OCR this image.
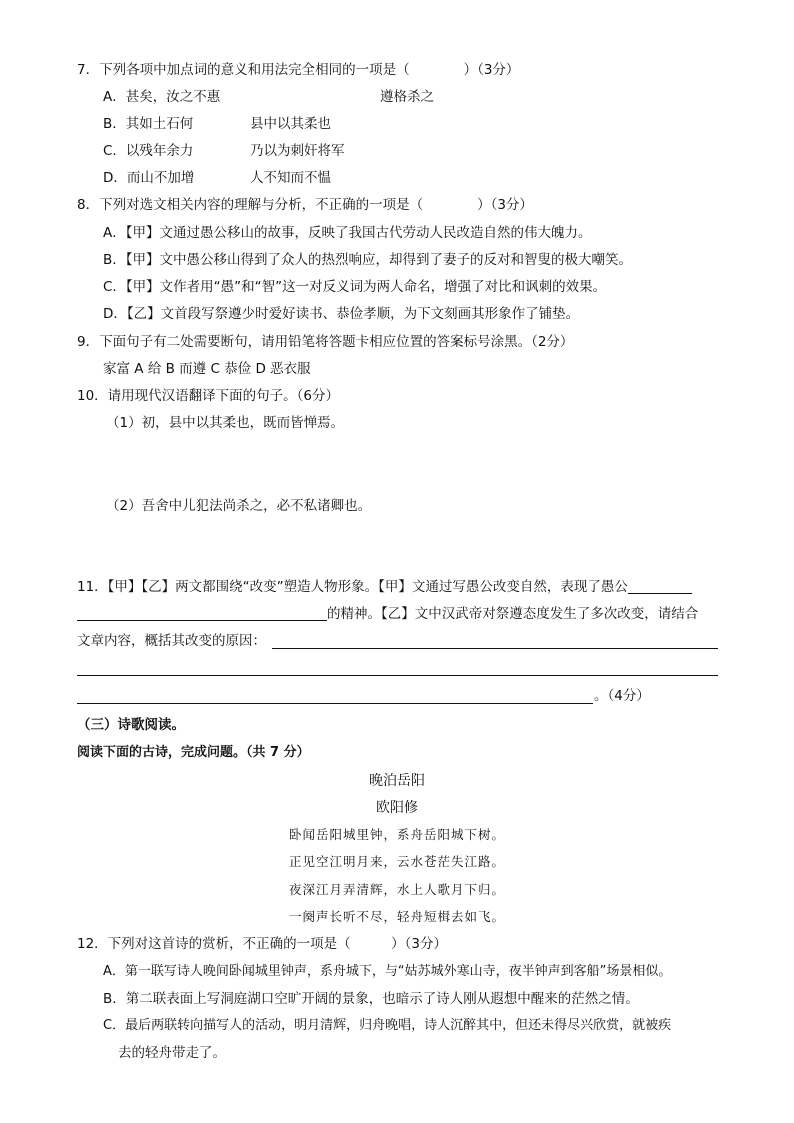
7．下列各项中加点词的意义和用法完全相同的一项是（　　　　）（3分）
A．甚矣，汝之不惠	遵格杀之
B．其如土石何	县中以其柔也
C．以残年余力	乃以为刺奸将军
D．而山不加增	人不知而不愠
8．下列对选文相关内容的理解与分析，不正确的一项是（　　　　）（3分）
A．【甲】文通过愚公移山的故事，反映了我国古代劳动人民改造自然的伟大魄力。
B．【甲】文中愚公移山得到了众人的热烈响应，却得到了妻子的反对和智叟的极大嘲笑。
C．【甲】文作者用“愚”和“智”这一对反义词为两人命名，增强了对比和讽刺的效果。
D．【乙】文首段写祭遵少时爱好读书、恭俭孝顺，为下文刻画其形象作了铺垫。
9．下面句子有二处需要断句，请用铅笔将答题卡相应位置的答案标号涂黑。（2分）
家富 A 给 B 而遵 C 恭俭 D 恶衣服
10．请用现代汉语翻译下面的句子。（6分）
（1）初，县中以其柔也，既而皆惮焉。
（2）吾舍中儿犯法尚杀之，必不私诸卿也。
11．【甲】【乙】两文都围绕“改变”塑造人物形象。【甲】文通过写愚公改变自然，表现了愚公
的精神。【乙】文中汉武帝对祭遵态度发生了多次改变，请结合
文章内容，概括其改变的原因：
。（4分）
（三）诗歌阅读。
阅读下面的古诗，完成问题。（共 7 分）
晚泊岳阳
欧阳修
卧闻岳阳城里钟，系舟岳阳城下树。
正见空江明月来，云水苍茫失江路。
夜深江月弄清辉，水上人歌月下归。
一阕声长听不尽，轻舟短楫去如飞。
12．下列对这首诗的赏析，不正确的一项是（　　　）（3分）
A．第一联写诗人晚间卧闻城里钟声，系舟城下，与“姑苏城外寒山寺，夜半钟声到客船”场景相似。
B．第二联表面上写洞庭湖口空旷开阔的景象，也暗示了诗人刚从遐想中醒来的茫然之情。
C．最后两联转向描写人的活动，明月清辉，归舟晚唱，诗人沉醉其中，但还未得尽兴欣赏，就被疾
去的轻舟带走了。
